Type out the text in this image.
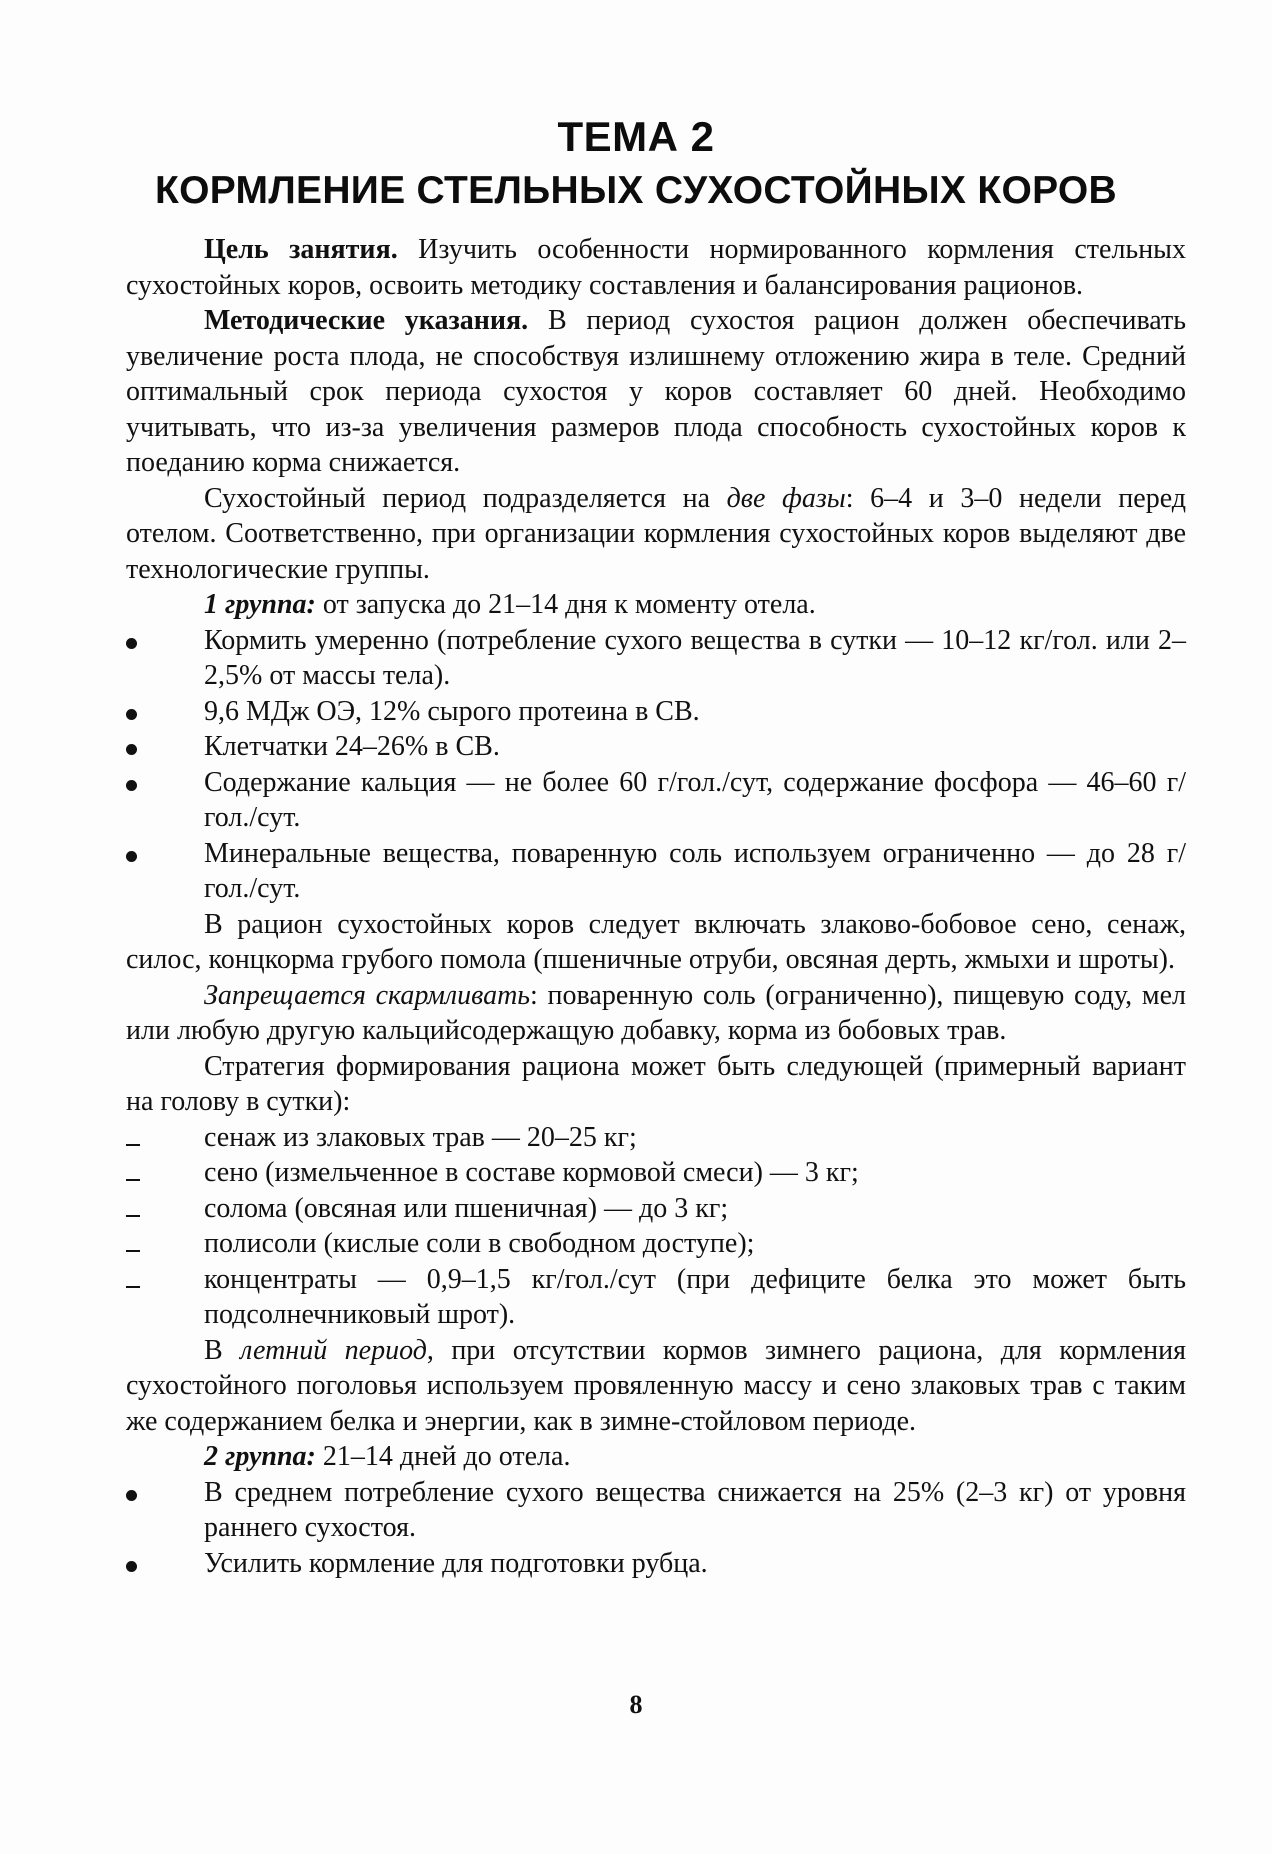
ТЕМА 2
КОРМЛЕНИЕ СТЕЛЬНЫХ СУХОСТОЙНЫХ КОРОВ

Цель занятия. Изучить особенности нормированного кормления стельных сухостойных коров, освоить методику составления и балансирования рационов.

Методические указания. В период сухостоя рацион должен обеспечивать увеличение роста плода, не способствуя излишнему отложению жира в теле. Средний оптимальный срок периода сухостоя у коров составляет 60 дней. Необходимо учитывать, что из-за увеличения размеров плода способность сухостойных коров к поеданию корма снижается.

Сухостойный период подразделяется на две фазы: 6–4 и 3–0 недели перед отелом. Соответственно, при организации кормления сухостойных коров выделяют две технологические группы.

1 группа: от запуска до 21–14 дня к моменту отела.

Кормить умеренно (потребление сухого вещества в сутки — 10–12 кг/гол. или 2–2,5% от массы тела).
9,6 МДж ОЭ, 12% сырого протеина в СВ.
Клетчатки 24–26% в СВ.
Содержание кальция — не более 60 г/гол./сут, содержание фосфора — 46–60 г/гол./сут.
Минеральные вещества, поваренную соль используем ограниченно — до 28 г/гол./сут.

В рацион сухостойных коров следует включать злаково-бобовое сено, сенаж, силос, концкорма грубого помола (пшеничные отруби, овсяная дерть, жмыхи и шроты).

Запрещается скармливать: поваренную соль (ограниченно), пищевую соду, мел или любую другую кальцийсодержащую добавку, корма из бобовых трав.

Стратегия формирования рациона может быть следующей (примерный вариант на голову в сутки):

сенаж из злаковых трав — 20–25 кг;
сено (измельченное в составе кормовой смеси) — 3 кг;
солома (овсяная или пшеничная) — до 3 кг;
полисоли (кислые соли в свободном доступе);
концентраты — 0,9–1,5 кг/гол./сут (при дефиците белка это может быть подсолнечниковый шрот).

В летний период, при отсутствии кормов зимнего рациона, для кормления сухостойного поголовья используем провяленную массу и сено злаковых трав с таким же содержанием белка и энергии, как в зимне-стойловом периоде.

2 группа: 21–14 дней до отела.

В среднем потребление сухого вещества снижается на 25% (2–3 кг) от уровня раннего сухостоя.
Усилить кормление для подготовки рубца.
8
